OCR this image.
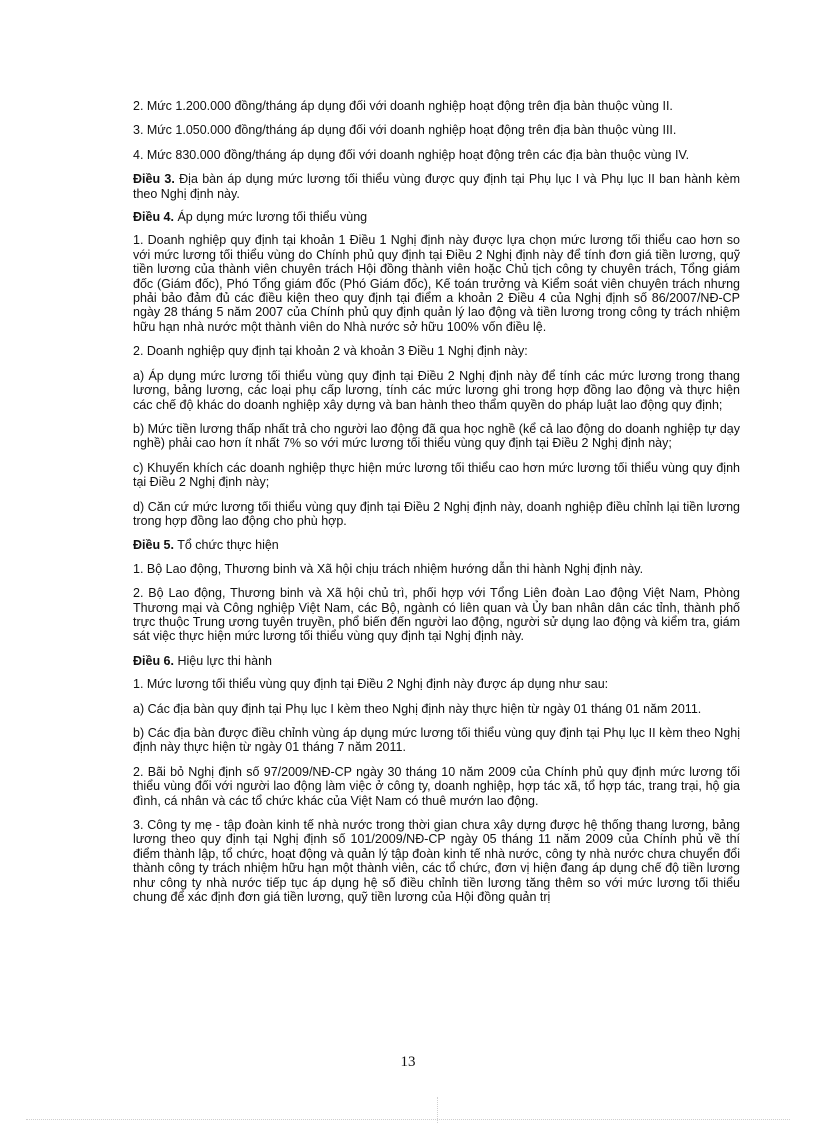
2. Mức 1.200.000 đồng/tháng áp dụng đối với doanh nghiệp hoạt động trên địa bàn thuộc vùng II.

3. Mức 1.050.000 đồng/tháng áp dụng đối với doanh nghiệp hoạt động trên địa bàn thuộc vùng III.

4. Mức 830.000 đồng/tháng áp dụng đối với doanh nghiệp hoạt động trên các địa bàn thuộc vùng IV.

Điều 3. Địa bàn áp dụng mức lương tối thiểu vùng được quy định tại Phụ lục I và Phụ lục II ban hành kèm theo Nghị định này.

Điều 4. Áp dụng mức lương tối thiểu vùng

1. Doanh nghiệp quy định tại khoản 1 Điều 1 Nghị định này được lựa chọn mức lương tối thiểu cao hơn so với mức lương tối thiểu vùng do Chính phủ quy định tại Điều 2 Nghị định này để tính đơn giá tiền lương, quỹ tiền lương của thành viên chuyên trách Hội đồng thành viên hoặc Chủ tịch công ty chuyên trách, Tổng giám đốc (Giám đốc), Phó Tổng giám đốc (Phó Giám đốc), Kế toán trưởng và Kiểm soát viên chuyên trách nhưng phải bảo đảm đủ các điều kiện theo quy định tại điểm a khoản 2 Điều 4 của Nghị định số 86/2007/NĐ-CP ngày 28 tháng 5 năm 2007 của Chính phủ quy định quản lý lao động và tiền lương trong công ty trách nhiệm hữu hạn nhà nước một thành viên do Nhà nước sở hữu 100% vốn điều lệ.

2. Doanh nghiệp quy định tại khoản 2 và khoản 3 Điều 1 Nghị định này:

a) Áp dụng mức lương tối thiểu vùng quy định tại Điều 2 Nghị định này để tính các mức lương trong thang lương, bảng lương, các loại phụ cấp lương, tính các mức lương ghi trong hợp đồng lao động và thực hiện các chế độ khác do doanh nghiệp xây dựng và ban hành theo thẩm quyền do pháp luật lao động quy định;

b) Mức tiền lương thấp nhất trả cho người lao động đã qua học nghề (kể cả lao động do doanh nghiệp tự dạy nghề) phải cao hơn ít nhất 7% so với mức lương tối thiểu vùng quy định tại Điều 2 Nghị định này;

c) Khuyến khích các doanh nghiệp thực hiện mức lương tối thiểu cao hơn mức lương tối thiểu vùng quy định tại Điều 2 Nghị định này;

d) Căn cứ mức lương tối thiểu vùng quy định tại Điều 2 Nghị định này, doanh nghiệp điều chỉnh lại tiền lương trong hợp đồng lao động cho phù hợp.

Điều 5. Tổ chức thực hiện

1. Bộ Lao động, Thương binh và Xã hội chịu trách nhiệm hướng dẫn thi hành Nghị định này.

2. Bộ Lao động, Thương binh và Xã hội chủ trì, phối hợp với Tổng Liên đoàn Lao động Việt Nam, Phòng Thương mại và Công nghiệp Việt Nam, các Bộ, ngành có liên quan và Ủy ban nhân dân các tỉnh, thành phố trực thuộc Trung ương tuyên truyền, phổ biến đến người lao động, người sử dụng lao động và kiểm tra, giám sát việc thực hiện mức lương tối thiểu vùng quy định tại Nghị định này.

Điều 6. Hiệu lực thi hành

1. Mức lương tối thiểu vùng quy định tại Điều 2 Nghị định này được áp dụng như sau:

a) Các địa bàn quy định tại Phụ lục I kèm theo Nghị định này thực hiện từ ngày 01 tháng 01 năm 2011.

b) Các địa bàn được điều chỉnh vùng áp dụng mức lương tối thiểu vùng quy định tại Phụ lục II kèm theo Nghị định này thực hiện từ ngày 01 tháng 7 năm 2011.

2. Bãi bỏ Nghị định số 97/2009/NĐ-CP ngày 30 tháng 10 năm 2009 của Chính phủ quy định mức lương tối thiểu vùng đối với người lao động làm việc ở công ty, doanh nghiệp, hợp tác xã, tổ hợp tác, trang trại, hộ gia đình, cá nhân và các tổ chức khác của Việt Nam có thuê mướn lao động.

3. Công ty mẹ - tập đoàn kinh tế nhà nước trong thời gian chưa xây dựng được hệ thống thang lương, bảng lương theo quy định tại Nghị định số 101/2009/NĐ-CP ngày 05 tháng 11 năm 2009 của Chính phủ về thí điểm thành lập, tổ chức, hoạt động và quản lý tập đoàn kinh tế nhà nước, công ty nhà nước chưa chuyển đổi thành công ty trách nhiệm hữu hạn một thành viên, các tổ chức, đơn vị hiện đang áp dụng chế độ tiền lương như công ty nhà nước tiếp tục áp dụng hệ số điều chỉnh tiền lương tăng thêm so với mức lương tối thiểu chung để xác định đơn giá tiền lương, quỹ tiền lương của Hội đồng quản trị

13
